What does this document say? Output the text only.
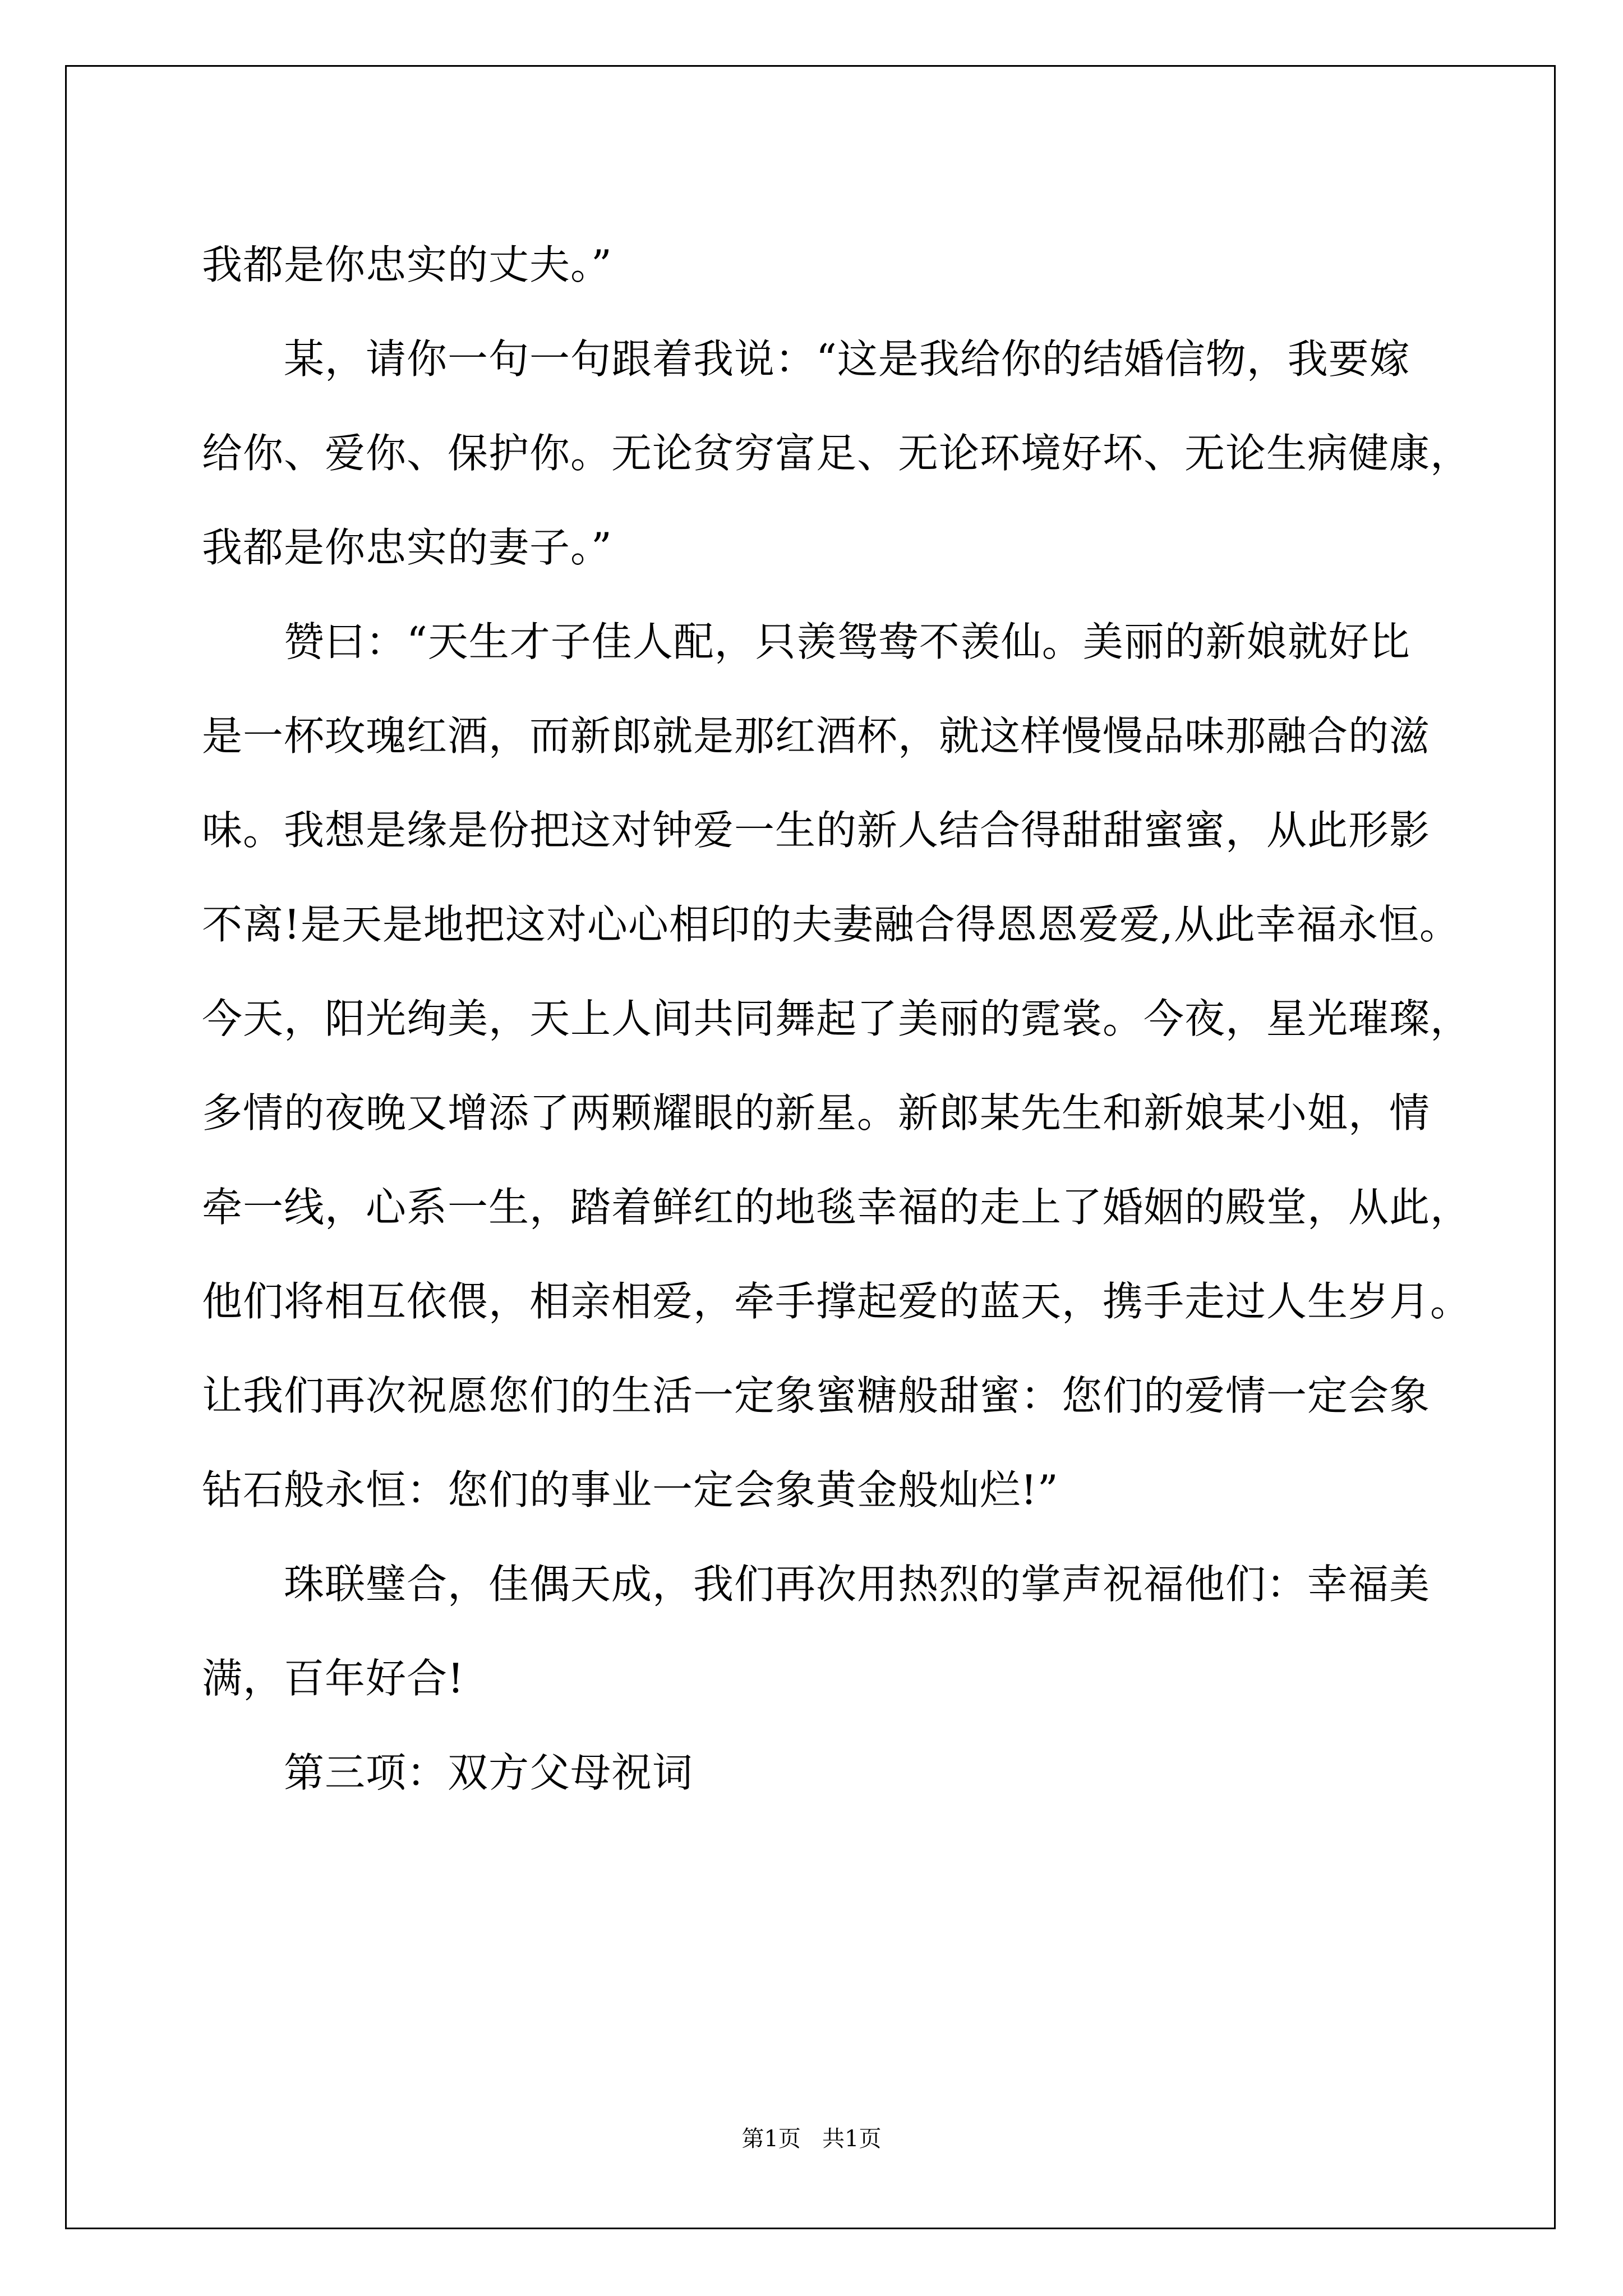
我都是你忠实的丈夫。”
某，请你一句一句跟着我说：“这是我给你的结婚信物，我要嫁
给你、爱你、保护你。无论贫穷富足、无论环境好坏、无论生病健康，
我都是你忠实的妻子。”
赞曰：“天生才子佳人配，只羡鸳鸯不羡仙。美丽的新娘就好比
是一杯玫瑰红酒，而新郎就是那红酒杯，就这样慢慢品味那融合的滋
味。我想是缘是份把这对钟爱一生的新人结合得甜甜蜜蜜，从此形影
不离!是天是地把这对心心相印的夫妻融合得恩恩爱爱,从此幸福永恒。
今天，阳光绚美，天上人间共同舞起了美丽的霓裳。今夜，星光璀璨，
多情的夜晚又增添了两颗耀眼的新星。新郎某先生和新娘某小姐，情
牵一线，心系一生，踏着鲜红的地毯幸福的走上了婚姻的殿堂，从此，
他们将相互依偎，相亲相爱，牵手撑起爱的蓝天，携手走过人生岁月。
让我们再次祝愿您们的生活一定象蜜糖般甜蜜：您们的爱情一定会象
钻石般永恒：您们的事业一定会象黄金般灿烂!”
珠联璧合，佳偶天成，我们再次用热烈的掌声祝福他们：幸福美
满，百年好合!
第三项：双方父母祝词
第1页   共1页
